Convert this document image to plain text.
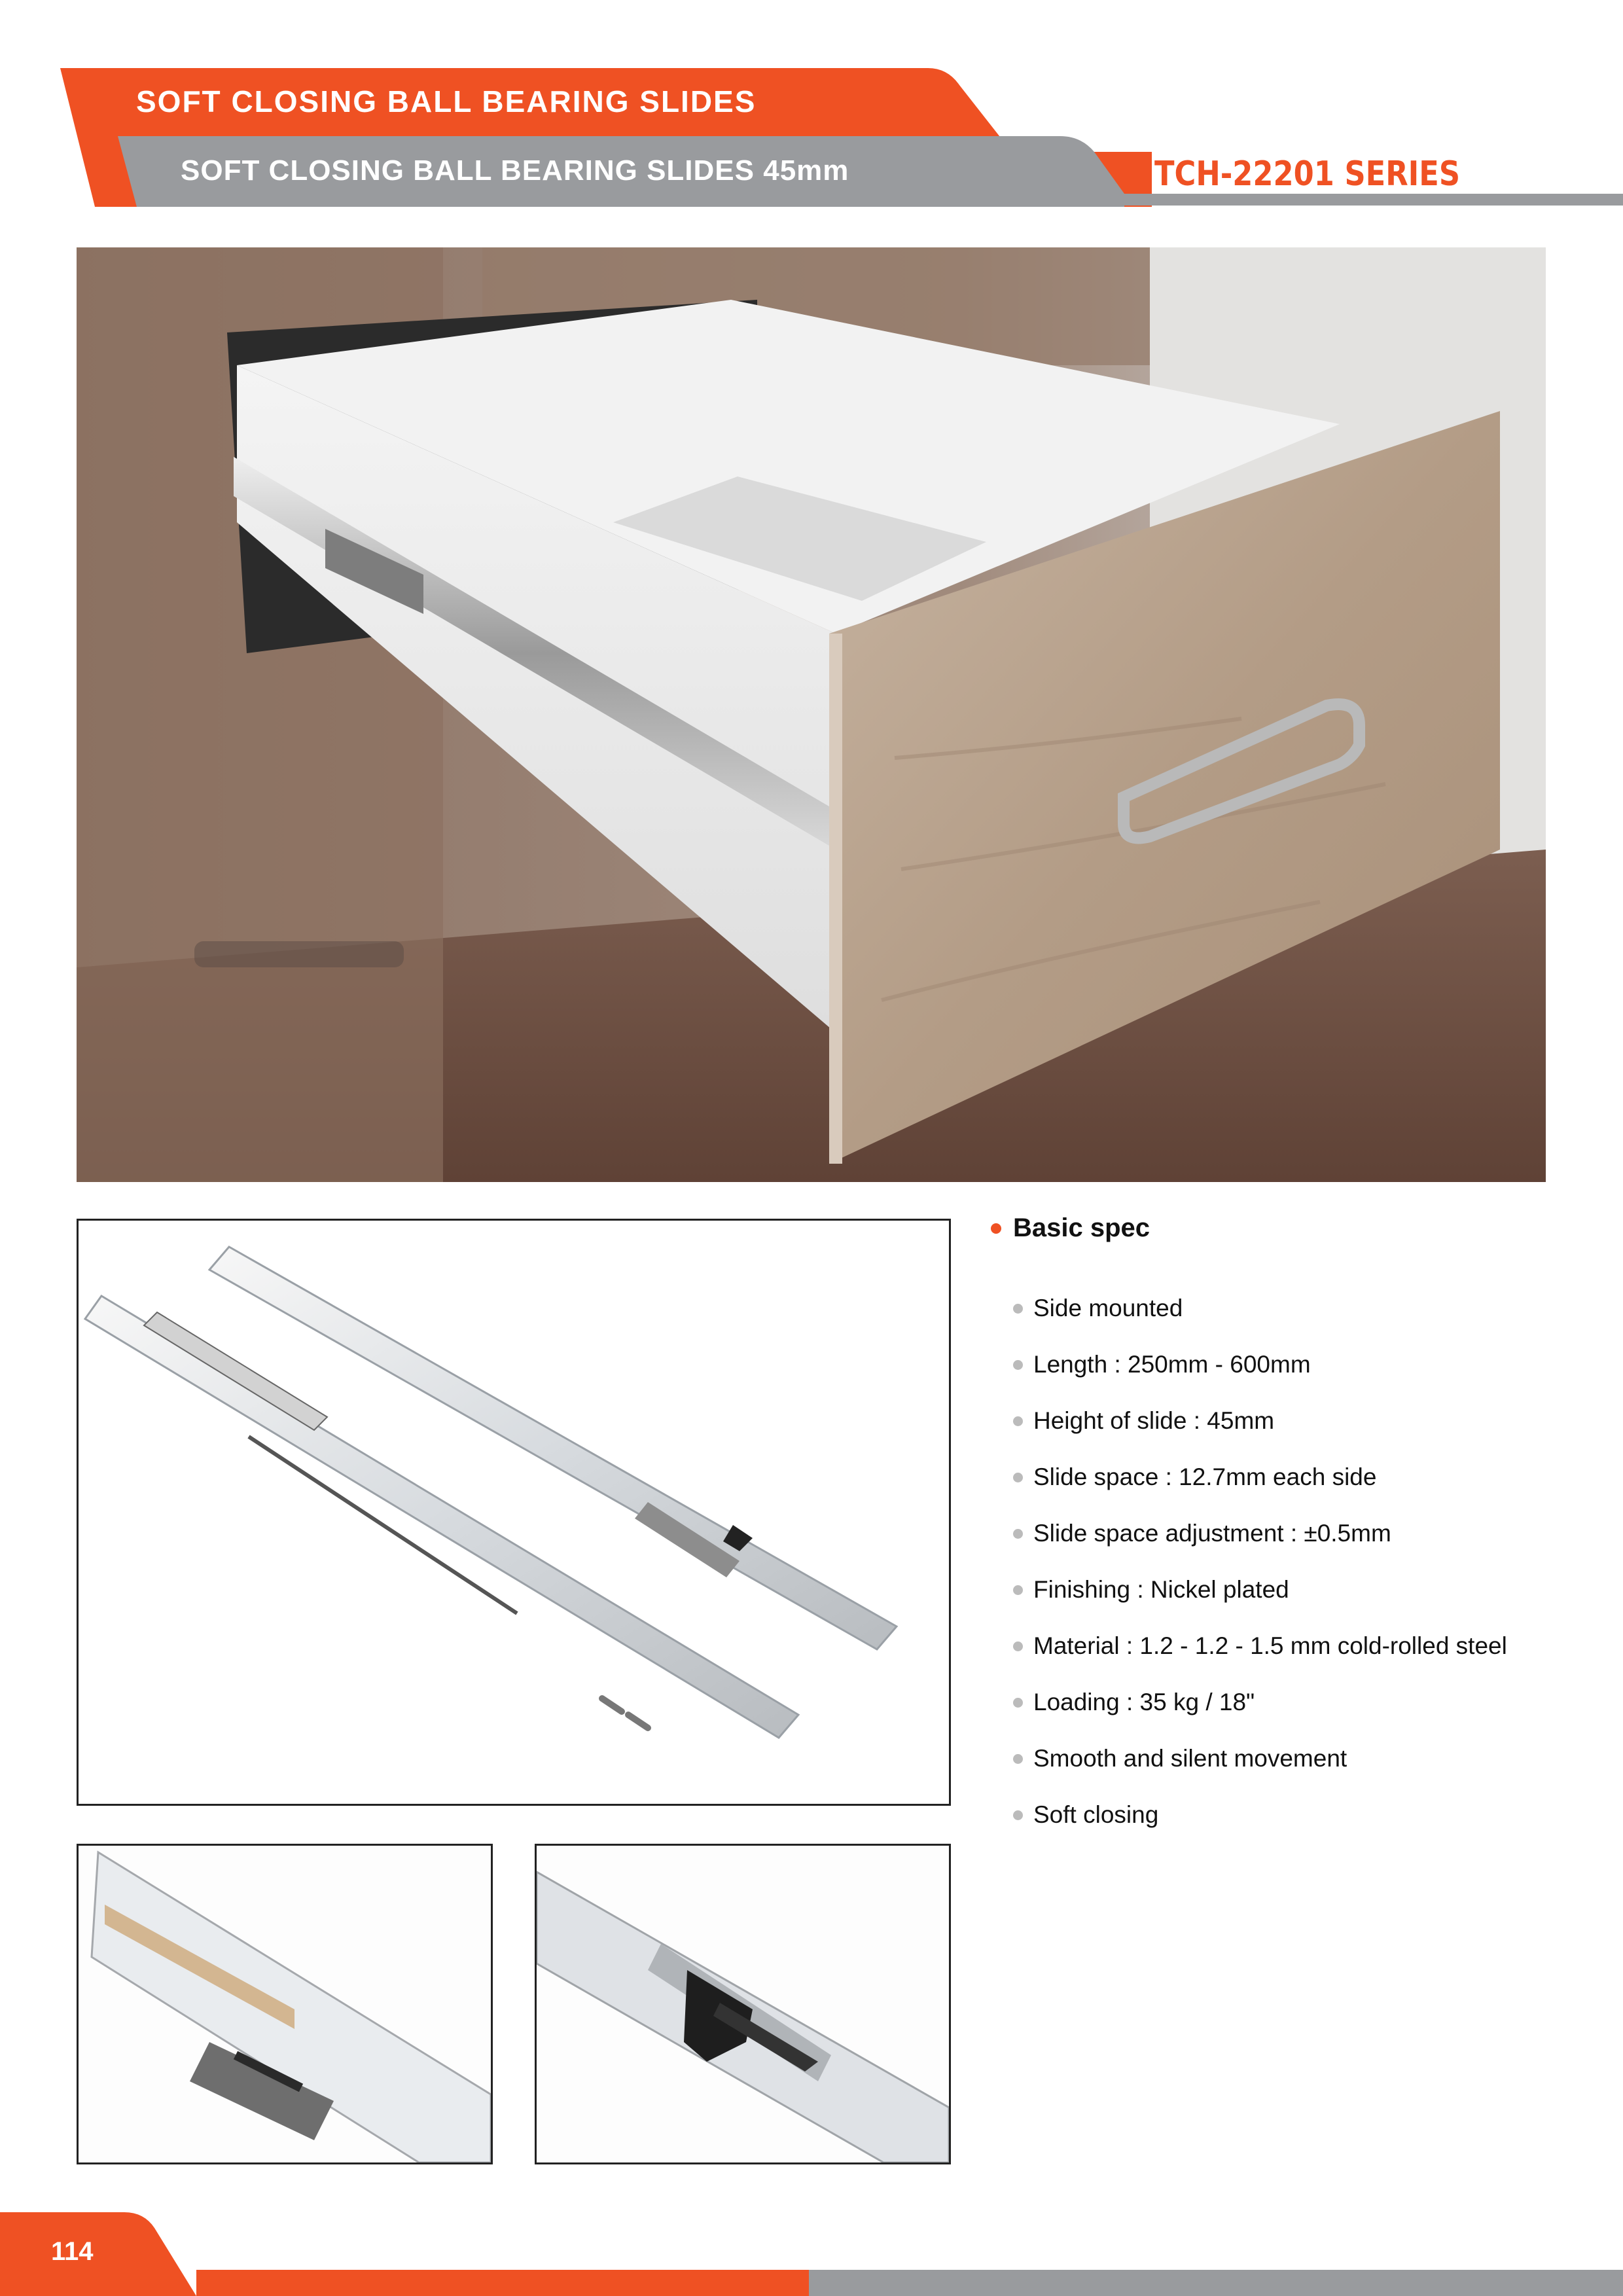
SOFT CLOSING BALL BEARING SLIDES
SOFT CLOSING BALL BEARING SLIDES 45mm	TCH-22201 SERIES
Basic spec
Side mounted
Length : 250mm - 600mm
Height of slide : 45mm
Slide space : 12.7mm each side
Slide space adjustment : ±0.5mm
Finishing : Nickel plated
Material : 1.2 - 1.2 - 1.5 mm cold-rolled steel
Loading : 35 kg / 18"
Smooth and silent movement
Soft closing
114
